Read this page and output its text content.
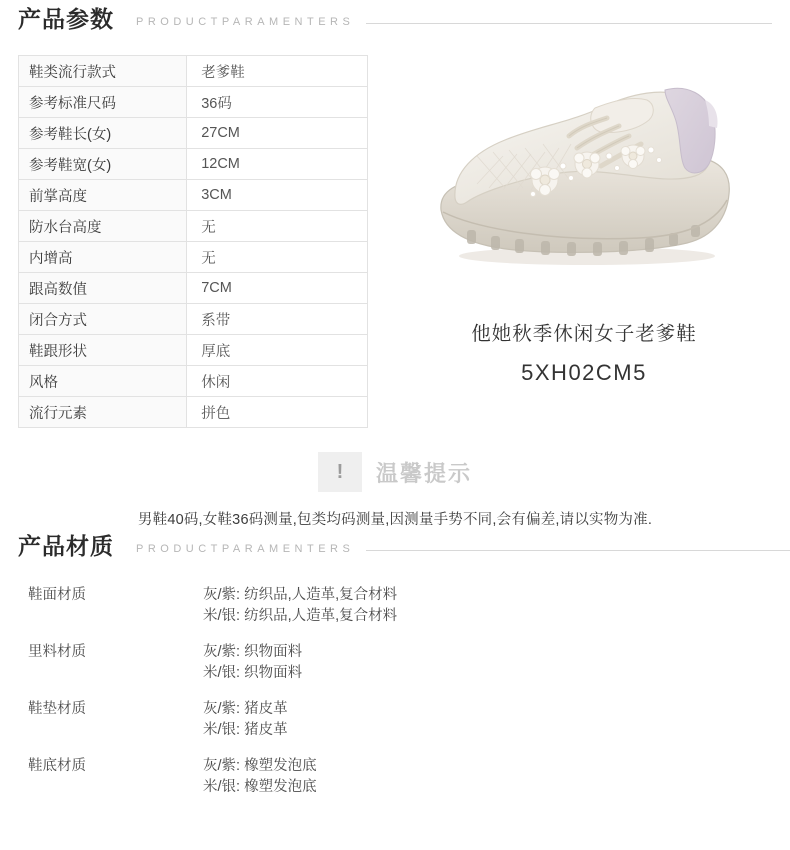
产品参数 PRODUCTPARAMENTERS
鞋类流行款式	老爹鞋
参考标准尺码	36码
参考鞋长(女)	27CM
参考鞋宽(女)	12CM
前掌高度	3CM
防水台高度	无
内增高	无
跟高数值	7CM
闭合方式	系带
鞋跟形状	厚底
风格	休闲
流行元素	拼色
他她秋季休闲女子老爹鞋
5XH02CM5
!	温馨提示
男鞋40码,女鞋36码测量,包类均码测量,因测量手势不同,会有偏差,请以实物为准.
产品材质 PRODUCTPARAMENTERS
鞋面材质	灰/紫: 纺织品,人造革,复合材料
米/银: 纺织品,人造革,复合材料
里料材质	灰/紫: 织物面料
米/银: 织物面料
鞋垫材质	灰/紫: 猪皮革
米/银: 猪皮革
鞋底材质	灰/紫: 橡塑发泡底
米/银: 橡塑发泡底
